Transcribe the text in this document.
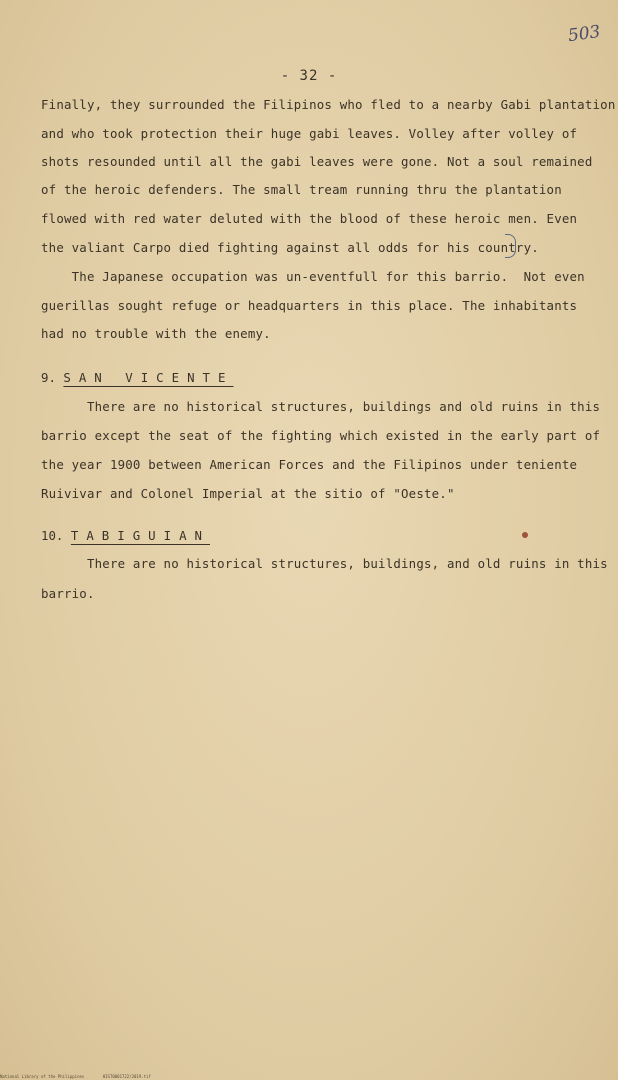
503
- 32 -
Finally, they surrounded the Filipinos who fled to a nearby Gabi plantation
and who took protection their huge gabi leaves. Volley after volley of
shots resounded until all the gabi leaves were gone. Not a soul remained
of the heroic defenders. The small tream running thru the plantation
flowed with red water deluted with the blood of these heroic men. Even
the valiant Carpo died fighting against all odds for his country.
The Japanese occupation was un-eventfull for this barrio.  Not even
guerillas sought refuge or headquarters in this place. The inhabitants
had no trouble with the enemy.
9. SAN VICENTE
There are no historical structures, buildings and old ruins in this
barrio except the seat of the fighting which existed in the early part of
the year 1900 between American Forces and the Filipinos under teniente
Ruivivar and Colonel Imperial at the sitio of "Oeste."
10. TABIGUIAN
There are no historical structures, buildings, and old ruins in this
barrio.
National Library of the Philippines	HIST0001722/2019.tif
